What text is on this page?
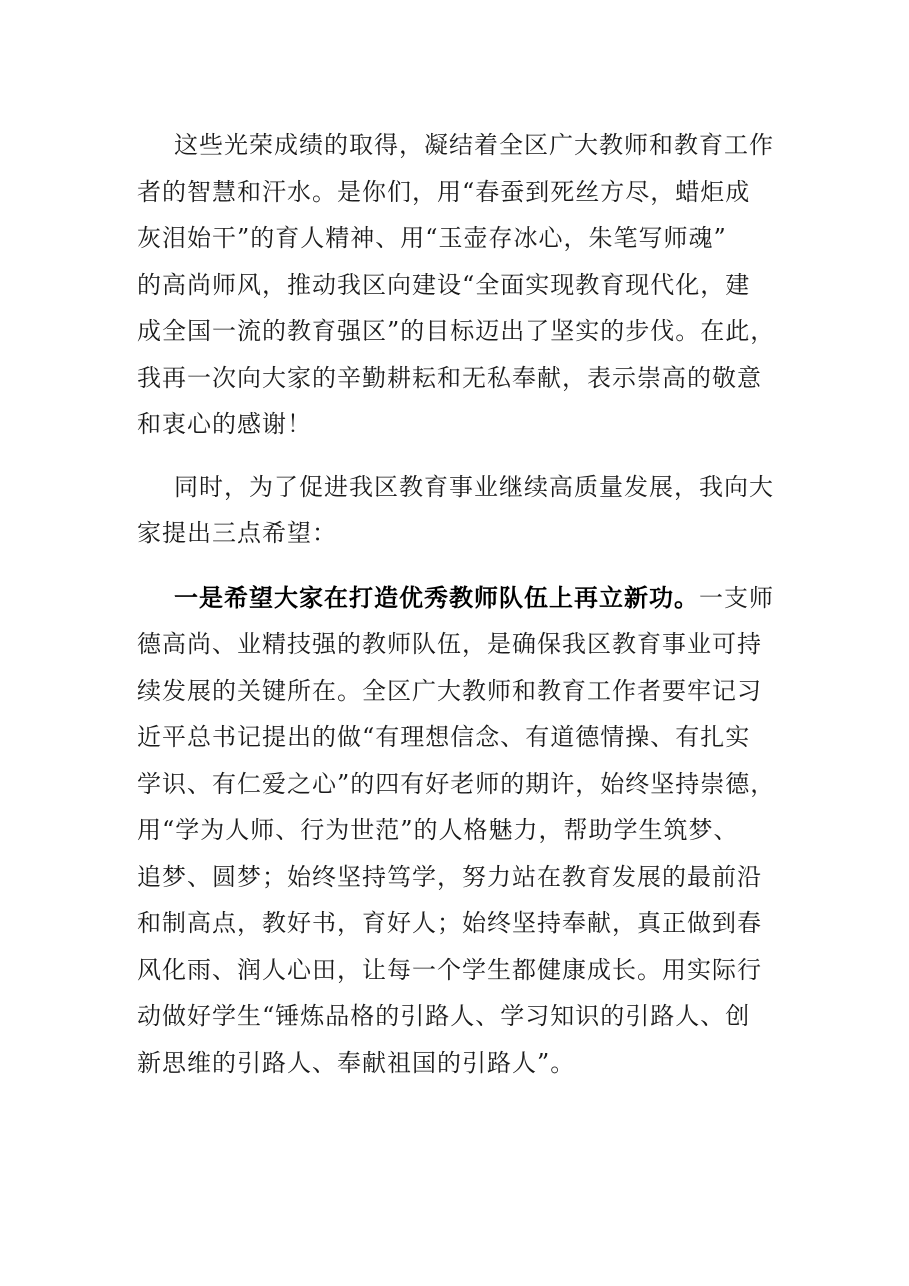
这些光荣成绩的取得，凝结着全区广大教师和教育工作
者的智慧和汗水。是你们，用“春蚕到死丝方尽，蜡炬成
灰泪始干”的育人精神、用“玉壶存冰心，朱笔写师魂”
的高尚师风，推动我区向建设“全面实现教育现代化，建
成全国一流的教育强区”的目标迈出了坚实的步伐。在此，
我再一次向大家的辛勤耕耘和无私奉献，表示崇高的敬意
和衷心的感谢！

同时，为了促进我区教育事业继续高质量发展，我向大
家提出三点希望：

一是希望大家在打造优秀教师队伍上再立新功。一支师
德高尚、业精技强的教师队伍，是确保我区教育事业可持
续发展的关键所在。全区广大教师和教育工作者要牢记习
近平总书记提出的做“有理想信念、有道德情操、有扎实
学识、有仁爱之心”的四有好老师的期许，始终坚持崇德，
用“学为人师、行为世范”的人格魅力，帮助学生筑梦、
追梦、圆梦；始终坚持笃学，努力站在教育发展的最前沿
和制高点，教好书，育好人；始终坚持奉献，真正做到春
风化雨、润人心田，让每一个学生都健康成长。用实际行
动做好学生“锤炼品格的引路人、学习知识的引路人、创
新思维的引路人、奉献祖国的引路人”。
